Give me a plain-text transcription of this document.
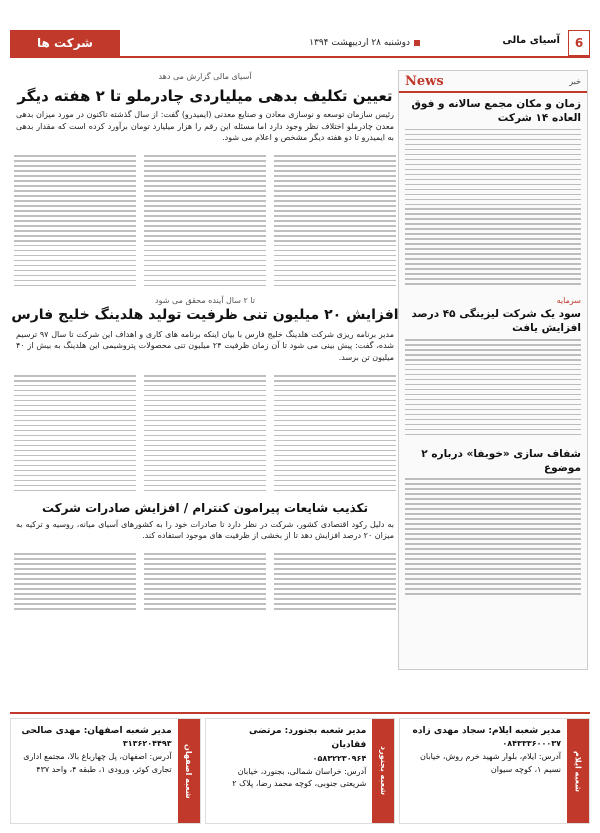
6
آسیای مالی
دوشنبه ۲۸ اردیبهشت ۱۳۹۴
شرکت ها
خبر
News
زمان و مکان مجمع سالانه و فوق العاده ۱۴ شرکت
سرمایه
سود یک شرکت لیزینگی ۴۵ درصد افزایش یافت
شفاف سازی «خوبفا» درباره ۲ موضوع
آسیای مالی گزارش می دهد
تعیین تکلیف بدهی میلیاردی چادرملو تا ۲ هفته دیگر
رئیس سازمان توسعه و نوسازی معادن و صنایع معدنی (ایمیدرو) گفت: از سال گذشته تاکنون در مورد میزان بدهی معدن چادرملو اختلاف نظر وجود دارد اما مسئله این رقم را هزار میلیارد تومان برآورد کرده است که مقدار بدهی به ایمیدرو تا دو هفته دیگر مشخص و اعلام می شود.
تا ۲ سال آینده محقق می شود
افزایش ۲۰ میلیون تنی ظرفیت تولید هلدینگ خلیج فارس
مدیر برنامه ریزی شرکت هلدینگ خلیج فارس با بیان اینکه برنامه های کاری و اهداف این شرکت تا سال ۹۷ ترسیم شده، گفت: پیش بینی می شود تا آن زمان ظرفیت ۲۴ میلیون تنی محصولات پتروشیمی این هلدینگ به بیش از ۴۰ میلیون تن برسد.
تکذیب شایعات پیرامون کنترام / افزایش صادرات شرکت
به دلیل رکود اقتصادی کشور، شرکت در نظر دارد تا صادرات خود را به کشورهای آسیای میانه، روسیه و ترکیه به میزان ۲۰ درصد افزایش دهد تا از بخشی از ظرفیت های موجود استفاده کند.
شعبه ایلام
مدیر شعبه ایلام: سجاد مهدی زاده
۰۸۴۳۳۳۶۰۰۰۳۷
آدرس: ایلام، بلوار شهید خرم روش، خیابان نسیم ۱، کوچه سیوان
شعبه بجنورد
مدیر شعبه بجنورد: مرتضی فقادیان
۰۵۸۳۲۲۳۰۹۶۴
آدرس: خراسان شمالی، بجنورد، خیابان شریعتی جنوبی، کوچه محمد رضا، پلاک ۲
شعبه اصفهان
مدیر شعبه اصفهان: مهدی صالحی
۳۱۳۶۲۰۴۴۹۳
آدرس: اصفهان، پل چهارباغ بالا، مجتمع اداری تجاری کوثر، ورودی ۱، طبقه ۴، واحد ۴۳۷
